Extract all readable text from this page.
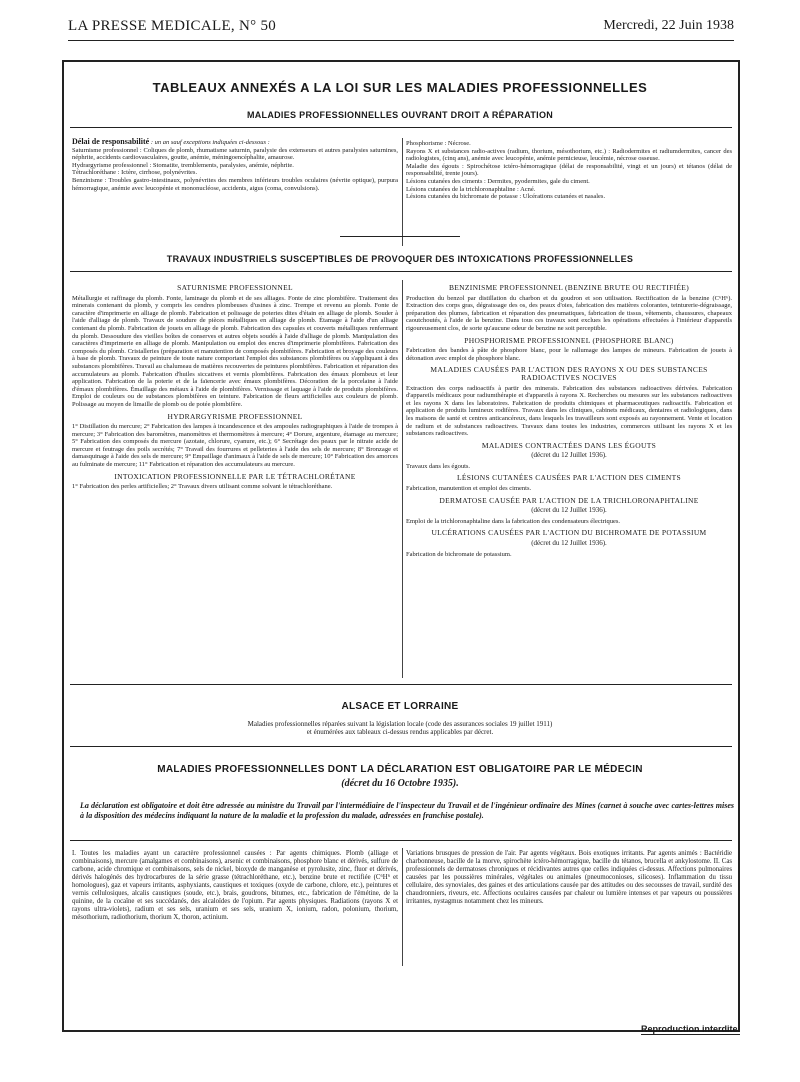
LA PRESSE MEDICALE, N° 50	Mercredi, 22 Juin 1938
TABLEAUX ANNEXÉS A LA LOI SUR LES MALADIES PROFESSIONNELLES
MALADIES PROFESSIONNELLES OUVRANT DROIT A RÉPARATION

Délai de responsabilité : un an sauf exceptions indiquées ci-dessous :

Saturnisme professionnel : Coliques de plomb, rhumatisme saturnin, paralysie des extenseurs et autres paralysies saturnines, néphrite, accidents cardiovasculaires, goutte, anémie, méningoencéphalite, amaurose.

Hydrargyrisme professionnel : Stomatite, tremblements, paralysies, anémie, néphrite.

Tétrachloréthane : Ictère, cirrhose, polynévrites.

Benzinisme : Troubles gastro-intestinaux, polynévrites des membres inférieurs troubles oculaires (névrite optique), purpura hémorragique, anémie avec leucopénie et mononucléose, accidents, aigus (coma, convulsions).

Phosphorisme : Nécrose.

Rayons X et substances radio-actives (radium, thorium, mésothorium, etc.) : Radiodermites et radiumdermites, cancer des radiologistes, (cinq ans), anémie avec leucopénie, anémie pernicieuse, leucémie, nécrose osseuse.

Maladie des égouts : Spirochétose ictéro-hémorragique (délai de responsabilité, vingt et un jours) et tétanos (délai de responsabilité, trente jours).

Lésions cutanées des ciments : Dermites, pyodermites, gale du ciment.

Lésions cutanées de la trichloronaphtaline : Acné.

Lésions cutanées du bichromate de potasse : Ulcérations cutanées et nasales.

TRAVAUX INDUSTRIELS SUSCEPTIBLES DE PROVOQUER DES INTOXICATIONS PROFESSIONNELLES
SATURNISME PROFESSIONNEL

Métallurgie et raffinage du plomb. Fonte, laminage du plomb et de ses alliages. Fonte de zinc plombifère. Traitement des minerais contenant du plomb, y compris les cendres plombeuses d'usines à zinc. Trempe et revenu au plomb. Fonte de caractère d'imprimerie en alliage de plomb. Fabrication et polissage de poteries dites d'étain en alliage de plomb. Souder à l'aide d'alliage de plomb. Travaux de soudure de pièces métalliques en alliage de plomb. Étamage à l'aide d'un alliage contenant du plomb. Fabrication de jouets en alliage de plomb. Fabrication des capsules et couverts métalliques renfermant du plomb. Dessoudure des vieilles boîtes de conserves et autres objets soudés à l'aide d'alliage de plomb. Manipulation des caractères d'imprimerie en alliage de plomb. Manipulation ou emploi des encres d'imprimerie plombifères. Fabrication des composés du plomb. Cristalleries (préparation et manutention de composés plombifères. Fabrication et broyage des couleurs à base de plomb. Travaux de peinture de toute nature comportant l'emploi des substances plombifères ou s'appliquant à des substances plombifères. Travail au chalumeau de matières recouvertes de peintures plombifères. Fabrication et réparation des accumulateurs au plomb. Fabrication d'huiles siccatives et vernis plombifères. Fabrication des émaux plombeux et leur application. Fabrication de la poterie et de la faïencerie avec émaux plombifères. Décoration de la porcelaine à l'aide d'émaux plombifères. Émaillage des métaux à l'aide de plombifères. Vernissage et laquage à l'aide de produits plombifères. Emploi de couleurs ou de substances plombifères en teinture. Fabrication de fleurs artificielles aux couleurs de plomb. Polissage au moyen de limaille de plomb ou de potée plombifère.

HYDRARGYRISME PROFESSIONNEL

1° Distillation du mercure; 2° Fabrication des lampes à incandescence et des ampoules radiographiques à l'aide de trompes à mercure; 3° Fabrication des baromètres, manomètres et thermomètres à mercure; 4° Dorure, argenture, étamage au mercure; 5° Fabrication des composés du mercure (azotate, chlorure, cyanure, etc.); 6° Secrétage des peaux par le nitrate acide de mercure et feutrage des poils secrétés; 7° Travail des fourrures et pelleteries à l'aide des sels de mercure; 8° Bronzage et damasquinage à l'aide des sels de mercure; 9° Empaillage d'animaux à l'aide de sels de mercure; 10° Fabrication des amorces au fulminate de mercure; 11° Fabrication et réparation des accumulateurs au mercure.

INTOXICATION PROFESSIONNELLE PAR LE TÉTRACHLORÉTANE

1° Fabrication des perles artificielles; 2° Travaux divers utilisant comme solvant le tétrachloréthane.

BENZINISME PROFESSIONNEL (BENZINE BRUTE OU RECTIFIÉE)

Production du benzol par distillation du charbon et du goudron et son utilisation. Rectification de la benzine (C⁶H⁶). Extraction des corps gras, dégraissage des os, des peaux d'oies, fabrication des matières colorantes, teinturerie-dégraissage, préparation des plumes, fabrication et réparation des pneumatiques, fabrication de tissus, vêtements, chaussures, chapeaux caoutchoutés, à l'aide de la benzine. Dans tous ces travaux sont exclues les opérations effectuées à l'intérieur d'appareils rigoureusement clos, de sorte qu'aucune odeur de benzine ne soit perceptible.

PHOSPHORISME PROFESSIONNEL (PHOSPHORE BLANC)

Fabrication des bandes à pâte de phosphore blanc, pour le rallumage des lampes de mineurs. Fabrication de jouets à détonation avec emploi de phosphore blanc.

MALADIES CAUSÉES PAR L'ACTION DES RAYONS X OU DES SUBSTANCES RADIOACTIVES NOCIVES

Extraction des corps radioactifs à partir des minerais. Fabrication des substances radioactives dérivées. Fabrication d'appareils médicaux pour radiumthérapie et d'appareils à rayons X. Recherches ou mesures sur les substances radioactives et les rayons X dans les laboratoires. Fabrication de produits chimiques et pharmaceutiques radioactifs. Fabrication et application de produits lumineux rodifères. Travaux dans les cliniques, cabinets médicaux, dentaires et radiologiques, dans les maisons de santé et centres anticancéreux, dans lesquels les travailleurs sont exposés au rayonnement. Vente et location de radium et de substances radioactives. Travaux dans toutes les industries, commerces utilisant les rayons X et les substances radioactives.

MALADIES CONTRACTÉES DANS LES ÉGOUTS
(décret du 12 Juillet 1936).

Travaux dans les égouts.

LÉSIONS CUTANÉES CAUSÉES PAR L'ACTION DES CIMENTS

Fabrication, manutention et emploi des ciments.

DERMATOSE CAUSÉE PAR L'ACTION DE LA TRICHLORONAPHTALINE
(décret du 12 Juillet 1936).

Emploi de la trichloronaphtaline dans la fabrication des condensateurs électriques.

ULCÉRATIONS CAUSÉES PAR L'ACTION DU BICHROMATE DE POTASSIUM
(décret du 12 Juillet 1936).

Fabrication de bichromate de potassium.

ALSACE ET LORRAINE
Maladies professionnelles réparées suivant la législation locale (code des assurances sociales 19 juillet 1911)
et énumérées aux tableaux ci-dessus rendus applicables par décret.
MALADIES PROFESSIONNELLES DONT LA DÉCLARATION EST OBLIGATOIRE PAR LE MÉDECIN
(décret du 16 Octobre 1935).
La déclaration est obligatoire et doit être adressée au ministre du Travail par l'intermédiaire de l'inspecteur du Travail et de l'ingénieur ordinaire des Mines (carnet à souche avec cartes-lettres mises à la disposition des médecins indiquant la nature de la maladie et la profession du malade, adressées en franchise postale).

I. Toutes les maladies ayant un caractère professionnel causées : Par agents chimiques. Plomb (alliage et combinaisons), mercure (amalgames et combinaisons), arsenic et combinaisons, phosphore blanc et dérivés, sulfure de carbone, acide chromique et combinaisons, sels de nickel, bioxyde de manganèse et pyrolusite, zinc, fluor et dérivés, dérivés halogénés des hydrocarbures de la série grasse (tétrachloréthane, etc.), benzine brute et rectifiée (C⁶H⁶ et homologues), gaz et vapeurs irritants, asphyxiants, caustiques et toxiques (oxyde de carbone, chlore, etc.), peintures et vernis cellulosiques, alcalis caustiques (soude, etc.), brais, goudrons, bitumes, etc., fabrication de l'émétine, de la quinine, de la cocaïne et ses succédanés, des alcaloïdes de l'opium. Par agents physiques. Radiations (rayons X et rayons ultra-violets), radium et ses sels, uranium et ses sels, uranium X, ionium, radon, polonium, thorium, mésothorium, radiothorium, thorium X, thoron, actinium.

Variations brusques de pression de l'air. Par agents végétaux. Bois exotiques irritants. Par agents animés : Bactéridie charbonneuse, bacille de la morve, spirochète ictéro-hémorragique, bacille du tétanos, brucella et ankylostome. II. Cas professionnels de dermatoses chroniques et récidivantes autres que celles indiquées ci-dessus. Affections pulmonaires causées par les poussières minérales, végétales ou animales (pneumoconioses, silicoses). Inflammation du tissu cellulaire, des synoviales, des gaines et des articulations causée par des attitudes ou des secousses de travail, surdité des chaudronniers, riveurs, etc. Affections oculaires causées par chaleur ou lumière intenses et par vapeurs ou poussières irritantes, nystagmus notamment chez les mineurs.

Reproduction interdite.
